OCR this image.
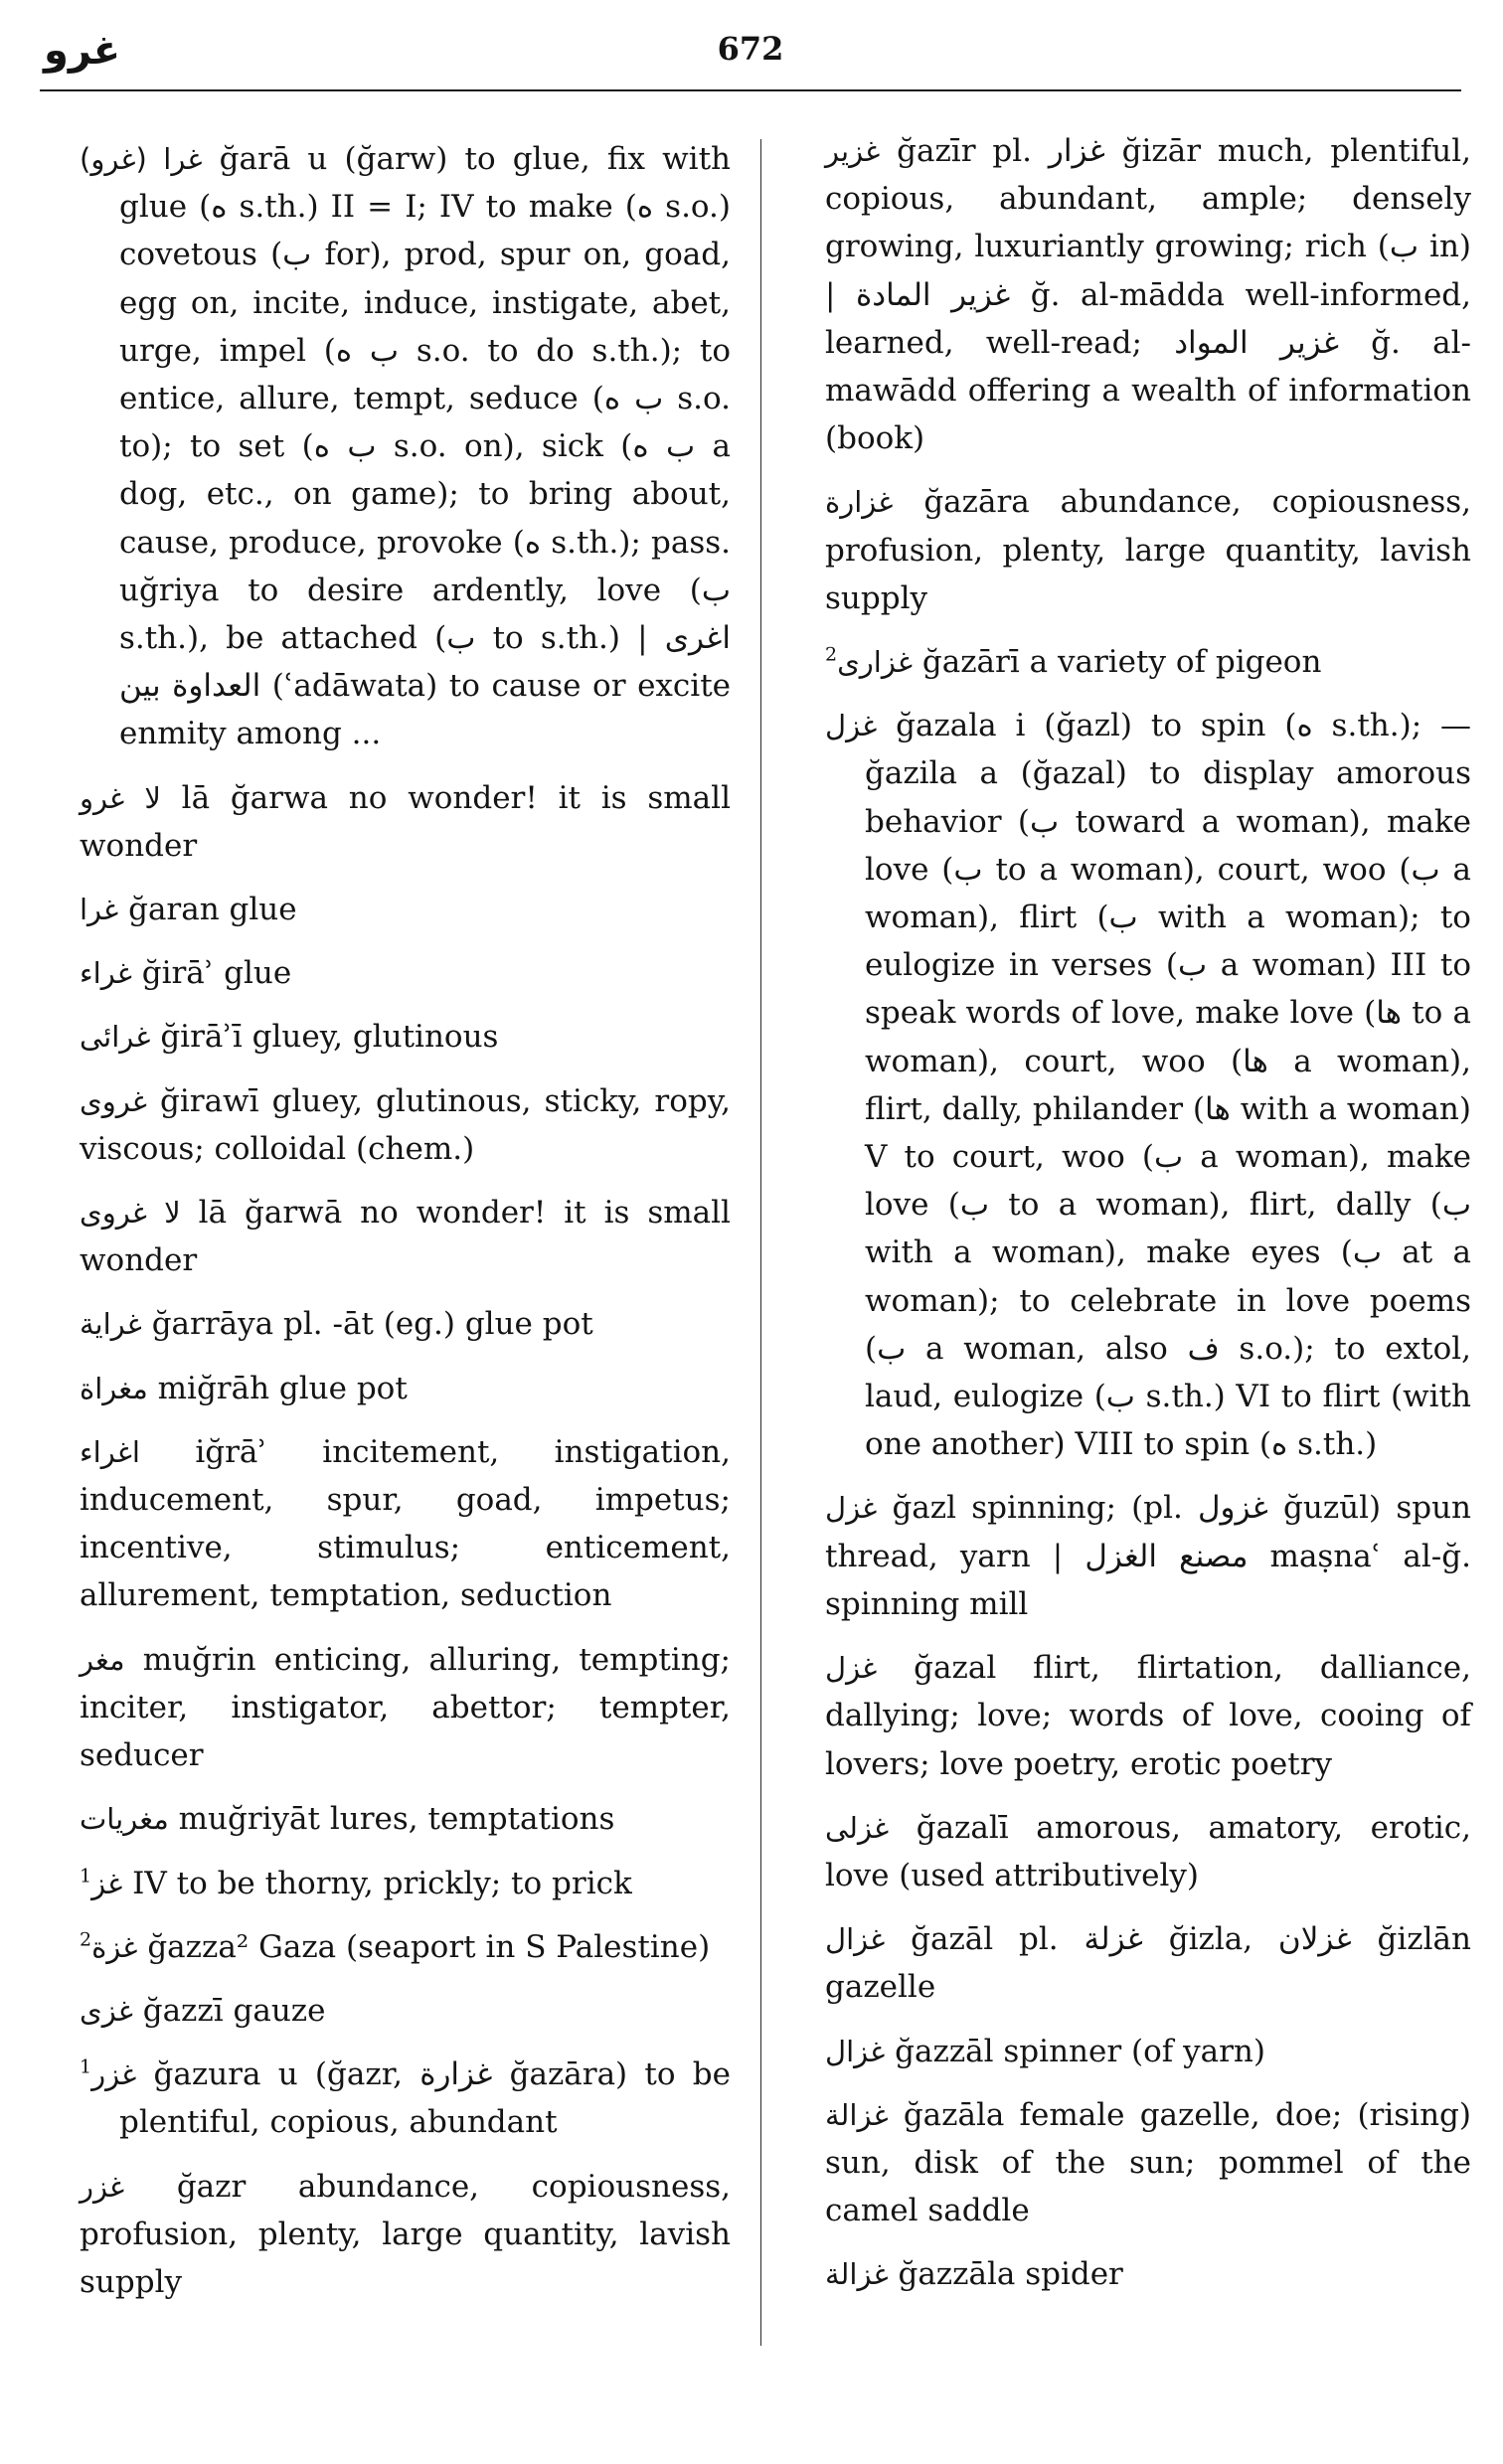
غرو	672

غرا (غرو) ğarā u (ğarw) to glue, fix with glue (ه s.th.) II = I; IV to make (ه s.o.) covetous (ب for), prod, spur on, goad, egg on, incite, induce, instigate, abet, urge, impel (ب ه s.o. to do s.th.); to entice, allure, tempt, seduce (ب ه s.o. to); to set (ب ه s.o. on), sick (ب ه a dog, etc., on game); to bring about, cause, produce, provoke (ه s.th.); pass. uğriya to desire ardently, love (ب s.th.), be attached (ب to s.th.) | اغرى العداوة بين (ʿadāwata) to cause or excite enmity among ...

لا غرو lā ğarwa no wonder! it is small wonder

غرا ğaran glue

غراء ğirāʾ glue

غرائى ğirāʾī gluey, glutinous

غروى ğirawī gluey, glutinous, sticky, ropy, viscous; colloidal (chem.)

لا غروى lā ğarwā no wonder! it is small wonder

غراية ğarrāya pl. -āt (eg.) glue pot

مغراة miğrāh glue pot

اغراء iğrāʾ incitement, instigation, inducement, spur, goad, impetus; incentive, stimulus; enticement, allurement, temptation, seduction

مغر muğrin enticing, alluring, tempting; inciter, instigator, abettor; tempter, seducer

مغريات muğriyāt lures, temptations

$^1$غز IV to be thorny, prickly; to prick

$^2$غزة ğazza² Gaza (seaport in S Palestine)

غزى ğazzī gauze

$^1$غزر ğazura u (ğazr, غزارة ğazāra) to be plentiful, copious, abundant

غزر ğazr abundance, copiousness, profusion, plenty, large quantity, lavish supply

غزير ğazīr pl. غزار ğizār much, plentiful, copious, abundant, ample; densely growing, luxuriantly growing; rich (ب in) | غزير المادة ğ. al-mādda well-informed, learned, well-read; غزير المواد ğ. al-mawādd offering a wealth of information (book)

غزارة ğazāra abundance, copiousness, profusion, plenty, large quantity, lavish supply

$^2$غزارى ğazārī a variety of pigeon

غزل ğazala i (ğazl) to spin (ه s.th.); — ğazila a (ğazal) to display amorous behavior (ب toward a woman), make love (ب to a woman), court, woo (ب a woman), flirt (ب with a woman); to eulogize in verses (ب a woman) III to speak words of love, make love (ها to a woman), court, woo (ها a woman), flirt, dally, philander (ها with a woman) V to court, woo (ب a woman), make love (ب to a woman), flirt, dally (ب with a woman), make eyes (ب at a woman); to celebrate in love poems (ب a woman, also ف s.o.); to extol, laud, eulogize (ب s.th.) VI to flirt (with one another) VIII to spin (ه s.th.)

غزل ğazl spinning; (pl. غزول ğuzūl) spun thread, yarn | مصنع الغزل maṣnaʿ al-ğ. spinning mill

غزل ğazal flirt, flirtation, dalliance, dallying; love; words of love, cooing of lovers; love poetry, erotic poetry

غزلى ğazalī amorous, amatory, erotic, love (used attributively)

غزال ğazāl pl. غزلة ğizla, غزلان ğizlān gazelle

غزال ğazzāl spinner (of yarn)

غزالة ğazāla female gazelle, doe; (rising) sun, disk of the sun; pommel of the camel saddle

غزالة ğazzāla spider
